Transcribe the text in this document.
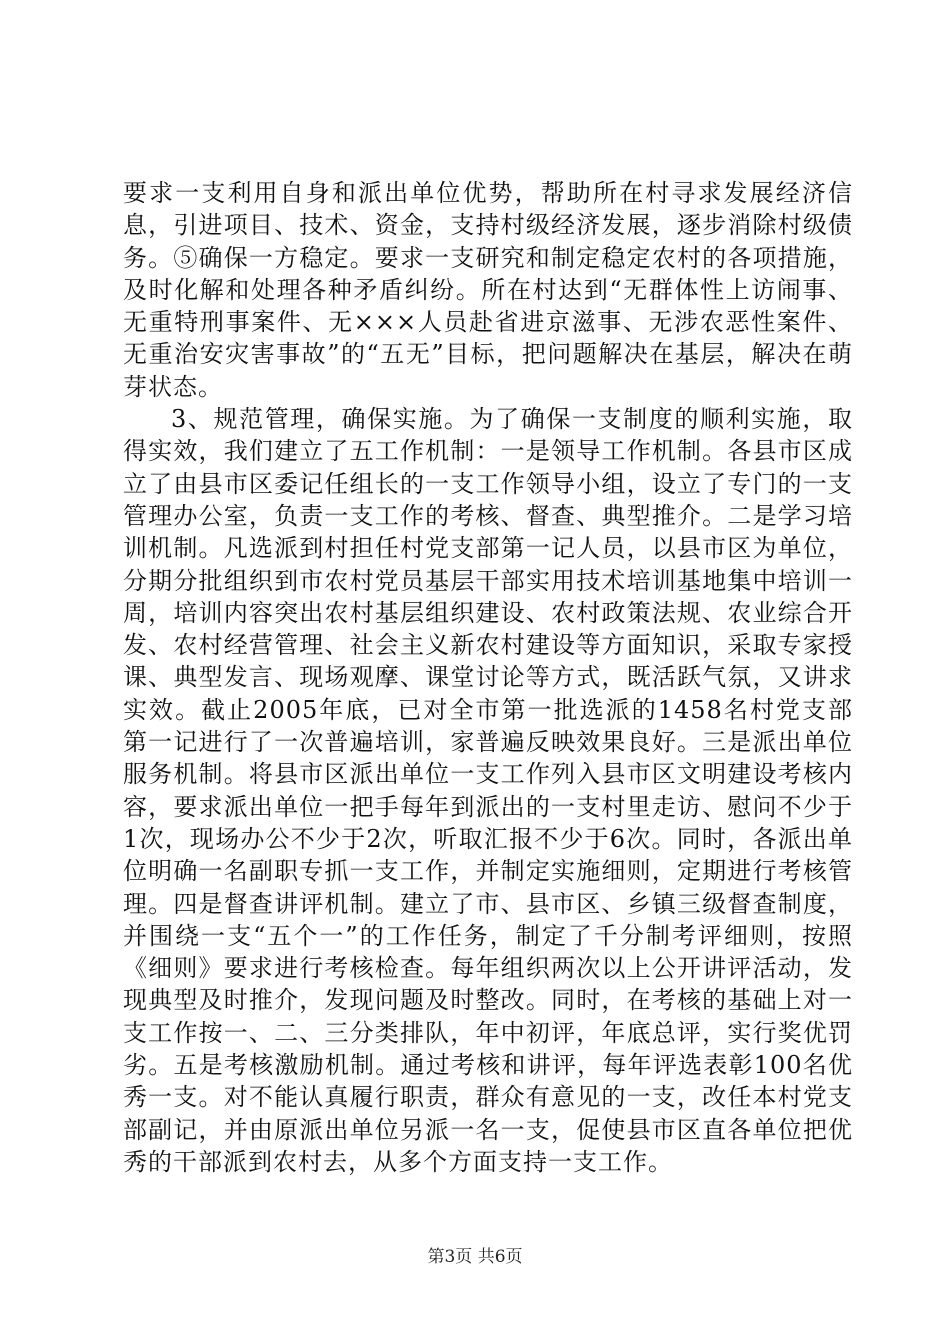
要求一支利用自身和派出单位优势，帮助所在村寻求发展经济信息，引进项目、技术、资金，支持村级经济发展，逐步消除村级债务。⑤确保一方稳定。要求一支研究和制定稳定农村的各项措施，及时化解和处理各种矛盾纠纷。所在村达到“无群体性上访闹事、无重特刑事案件、无×××人员赴省进京滋事、无涉农恶性案件、无重治安灾害事故”的“五无”目标，把问题解决在基层，解决在萌芽状态。

3、规范管理，确保实施。为了确保一支制度的顺利实施，取得实效，我们建立了五工作机制：一是领导工作机制。各县市区成立了由县市区委记任组长的一支工作领导小组，设立了专门的一支管理办公室，负责一支工作的考核、督查、典型推介。二是学习培训机制。凡选派到村担任村党支部第一记人员，以县市区为单位，分期分批组织到市农村党员基层干部实用技术培训基地集中培训一周，培训内容突出农村基层组织建设、农村政策法规、农业综合开发、农村经营管理、社会主义新农村建设等方面知识，采取专家授课、典型发言、现场观摩、课堂讨论等方式，既活跃气氛，又讲求实效。截止2005年底，已对全市第一批选派的1458名村党支部第一记进行了一次普遍培训，家普遍反映效果良好。三是派出单位服务机制。将县市区派出单位一支工作列入县市区文明建设考核内容，要求派出单位一把手每年到派出的一支村里走访、慰问不少于1次，现场办公不少于2次，听取汇报不少于6次。同时，各派出单位明确一名副职专抓一支工作，并制定实施细则，定期进行考核管理。四是督查讲评机制。建立了市、县市区、乡镇三级督查制度，并围绕一支“五个一”的工作任务，制定了千分制考评细则，按照《细则》要求进行考核检查。每年组织两次以上公开讲评活动，发现典型及时推介，发现问题及时整改。同时，在考核的基础上对一支工作按一、二、三分类排队，年中初评，年底总评，实行奖优罚劣。五是考核激励机制。通过考核和讲评，每年评选表彰100名优秀一支。对不能认真履行职责，群众有意见的一支，改任本村党支部副记，并由原派出单位另派一名一支，促使县市区直各单位把优秀的干部派到农村去，从多个方面支持一支工作。

第3页 共6页
